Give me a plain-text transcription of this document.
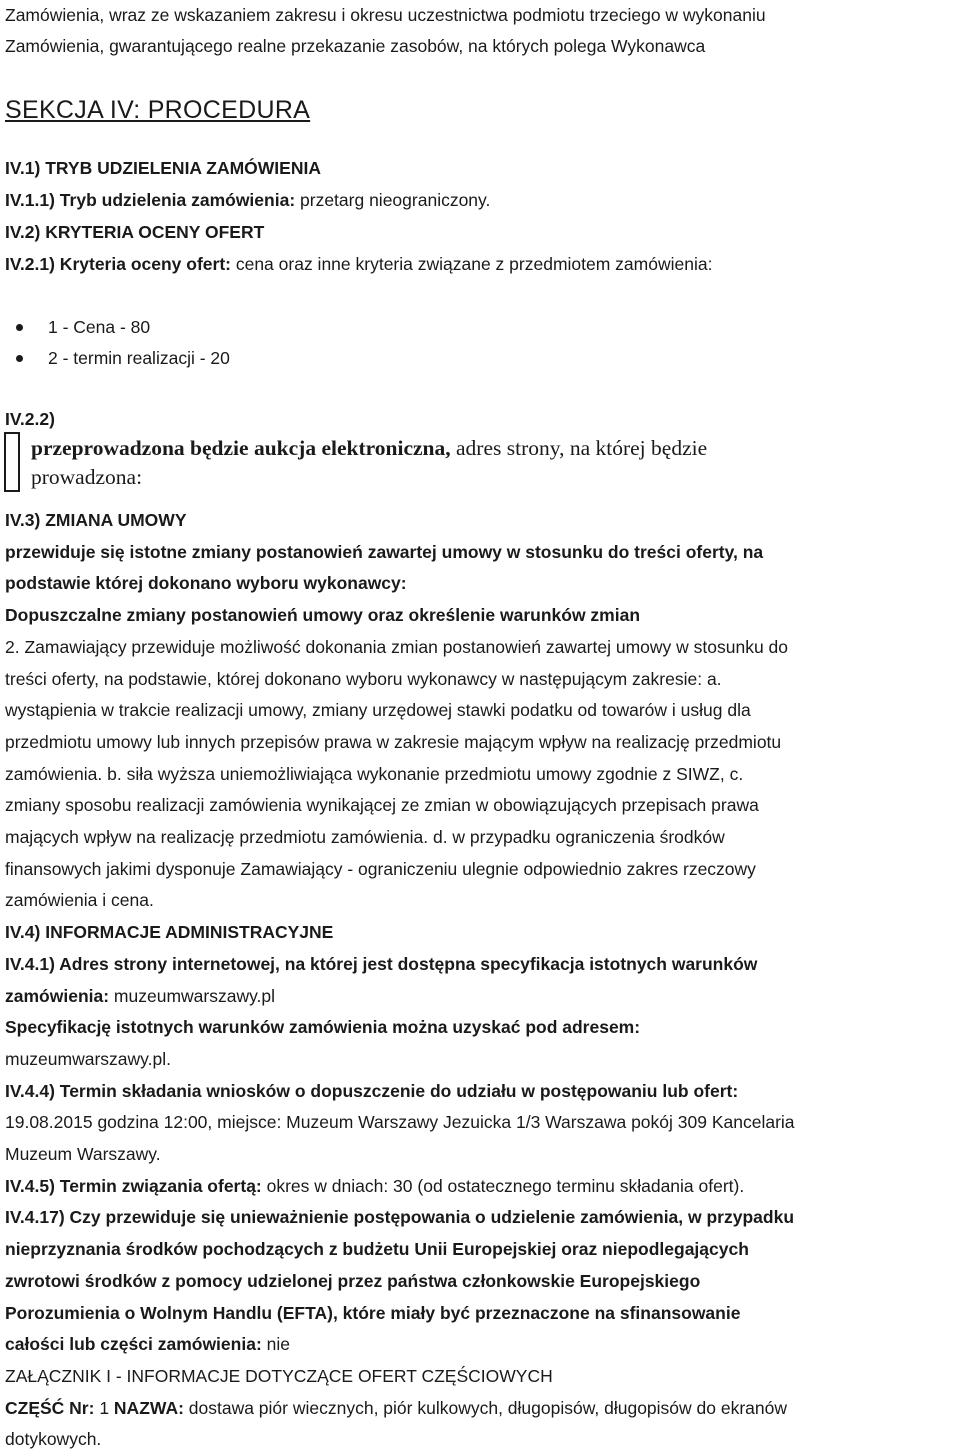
Zamówienia, wraz ze wskazaniem zakresu i okresu uczestnictwa podmiotu trzeciego w wykonaniu
Zamówienia, gwarantującego realne przekazanie zasobów, na których polega Wykonawca
SEKCJA IV: PROCEDURA
IV.1) TRYB UDZIELENIA ZAMÓWIENIA
IV.1.1) Tryb udzielenia zamówienia: przetarg nieograniczony.
IV.2) KRYTERIA OCENY OFERT
IV.2.1) Kryteria oceny ofert: cena oraz inne kryteria związane z przedmiotem zamówienia:
1 - Cena - 80
2 - termin realizacji - 20
IV.2.2)
przeprowadzona będzie aukcja elektroniczna, adres strony, na której będzie
prowadzona:
IV.3) ZMIANA UMOWY
przewiduje się istotne zmiany postanowień zawartej umowy w stosunku do treści oferty, na
podstawie której dokonano wyboru wykonawcy:
Dopuszczalne zmiany postanowień umowy oraz określenie warunków zmian
2. Zamawiający przewiduje możliwość dokonania zmian postanowień zawartej umowy w stosunku do
treści oferty, na podstawie, której dokonano wyboru wykonawcy w następującym zakresie: a.
wystąpienia w trakcie realizacji umowy, zmiany urzędowej stawki podatku od towarów i usług dla
przedmiotu umowy lub innych przepisów prawa w zakresie mającym wpływ na realizację przedmiotu
zamówienia. b. siła wyższa uniemożliwiająca wykonanie przedmiotu umowy zgodnie z SIWZ, c.
zmiany sposobu realizacji zamówienia wynikającej ze zmian w obowiązujących przepisach prawa
mających wpływ na realizację przedmiotu zamówienia. d. w przypadku ograniczenia środków
finansowych jakimi dysponuje Zamawiający - ograniczeniu ulegnie odpowiednio zakres rzeczowy
zamówienia i cena.
IV.4) INFORMACJE ADMINISTRACYJNE
IV.4.1) Adres strony internetowej, na której jest dostępna specyfikacja istotnych warunków
zamówienia: muzeumwarszawy.pl
Specyfikację istotnych warunków zamówienia można uzyskać pod adresem:
muzeumwarszawy.pl.
IV.4.4) Termin składania wniosków o dopuszczenie do udziału w postępowaniu lub ofert:
19.08.2015 godzina 12:00, miejsce: Muzeum Warszawy Jezuicka 1/3 Warszawa pokój 309 Kancelaria
Muzeum Warszawy.
IV.4.5) Termin związania ofertą: okres w dniach: 30 (od ostatecznego terminu składania ofert).
IV.4.17) Czy przewiduje się unieważnienie postępowania o udzielenie zamówienia, w przypadku
nieprzyznania środków pochodzących z budżetu Unii Europejskiej oraz niepodlegających
zwrotowi środków z pomocy udzielonej przez państwa członkowskie Europejskiego
Porozumienia o Wolnym Handlu (EFTA), które miały być przeznaczone na sfinansowanie
całości lub części zamówienia: nie
ZAŁĄCZNIK I - INFORMACJE DOTYCZĄCE OFERT CZĘŚCIOWYCH
CZĘŚĆ Nr: 1 NAZWA: dostawa piór wiecznych, piór kulkowych, długopisów, długopisów do ekranów
dotykowych.
